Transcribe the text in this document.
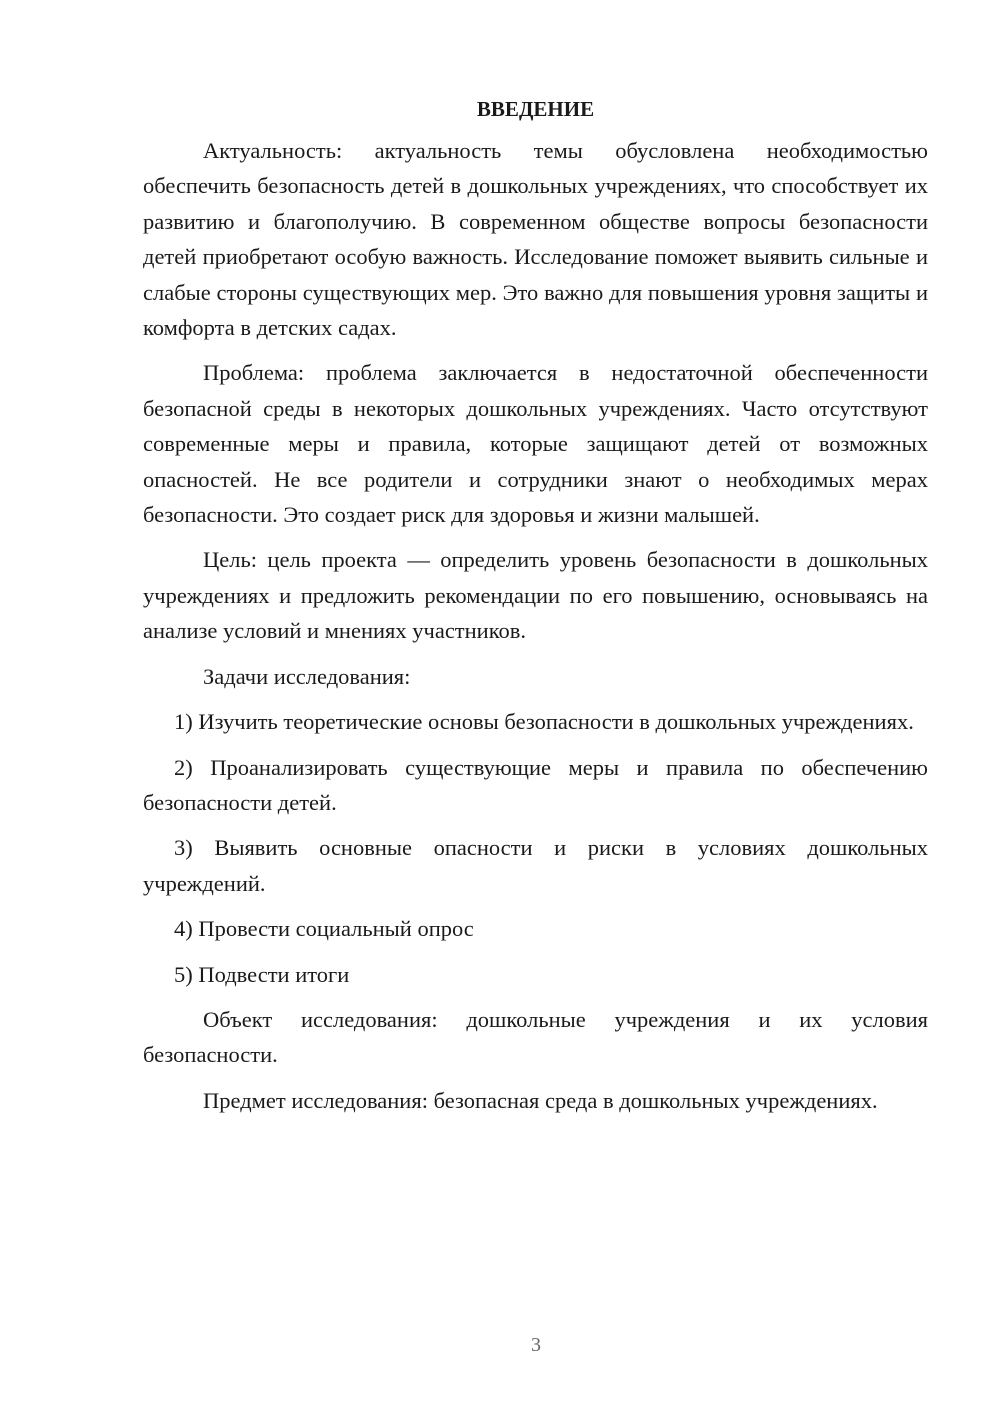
ВВЕДЕНИЕ

Актуальность: актуальность темы обусловлена необходимостью обеспечить безопасность детей в дошкольных учреждениях, что способствует их развитию и благополучию. В современном обществе вопросы безопасности детей приобретают особую важность. Исследование поможет выявить сильные и слабые стороны существующих мер. Это важно для повышения уровня защиты и комфорта в детских садах.

Проблема: проблема заключается в недостаточной обеспеченности безопасной среды в некоторых дошкольных учреждениях. Часто отсутствуют современные меры и правила, которые защищают детей от возможных опасностей. Не все родители и сотрудники знают о необходимых мерах безопасности. Это создает риск для здоровья и жизни малышей.

Цель: цель проекта — определить уровень безопасности в дошкольных учреждениях и предложить рекомендации по его повышению, основываясь на анализе условий и мнениях участников.

Задачи исследования:

1) Изучить теоретические основы безопасности в дошкольных учреждениях.

2) Проанализировать существующие меры и правила по обеспечению безопасности детей.

3) Выявить основные опасности и риски в условиях дошкольных учреждений.

4) Провести социальный опрос

5) Подвести итоги

Объект исследования: дошкольные учреждения и их условия безопасности.

Предмет исследования: безопасная среда в дошкольных учреждениях.

3
